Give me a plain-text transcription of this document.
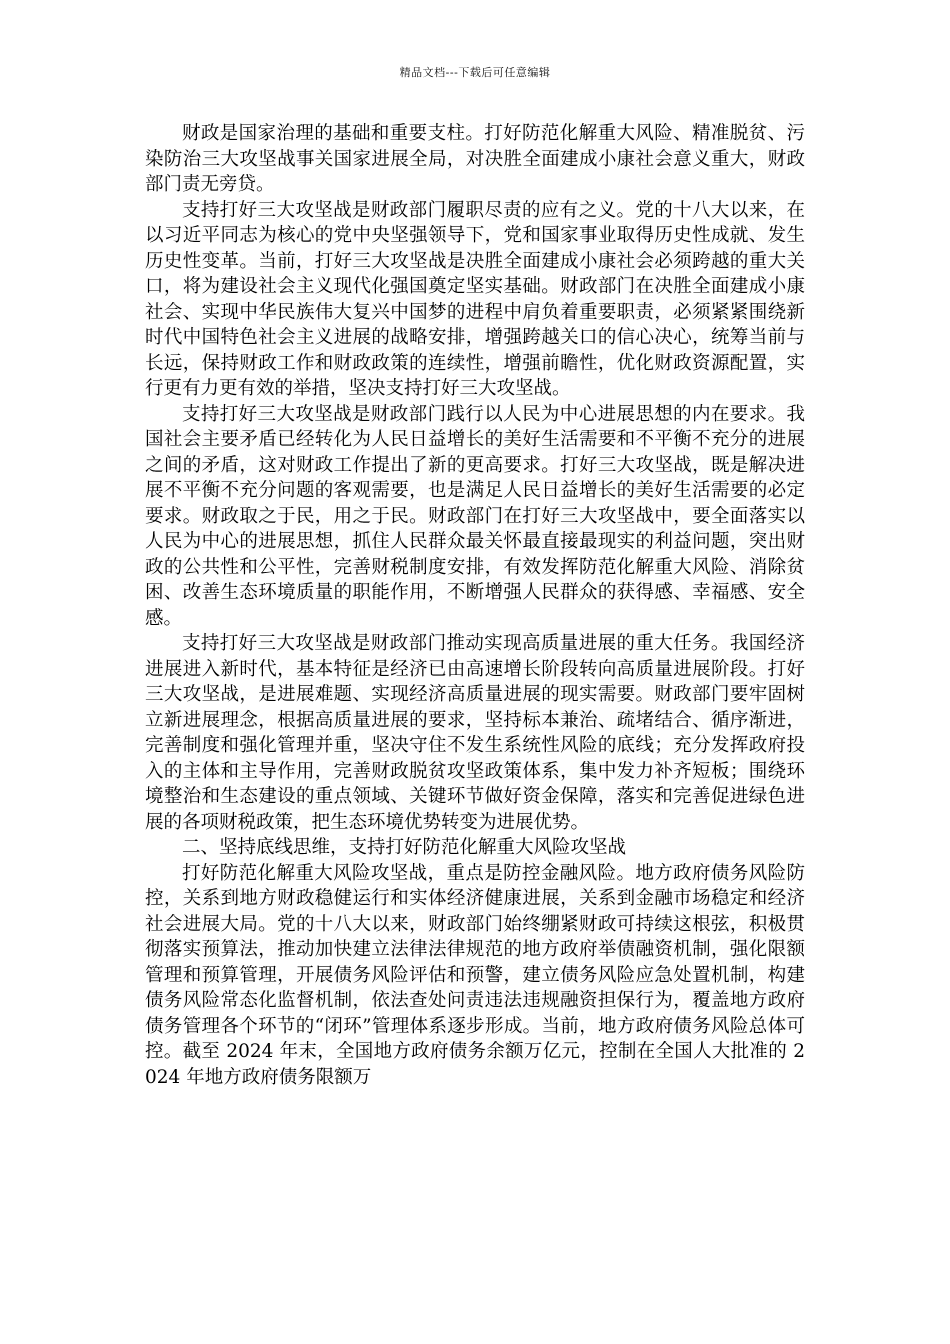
精品文档---下载后可任意编辑

财政是国家治理的基础和重要支柱。打好防范化解重大风险、精准脱贫、污染防治三大攻坚战事关国家进展全局，对决胜全面建成小康社会意义重大，财政部门责无旁贷。

支持打好三大攻坚战是财政部门履职尽责的应有之义。党的十八大以来，在以习近平同志为核心的党中央坚强领导下，党和国家事业取得历史性成就、发生历史性变革。当前，打好三大攻坚战是决胜全面建成小康社会必须跨越的重大关口，将为建设社会主义现代化强国奠定坚实基础。财政部门在决胜全面建成小康社会、实现中华民族伟大复兴中国梦的进程中肩负着重要职责，必须紧紧围绕新时代中国特色社会主义进展的战略安排，增强跨越关口的信心决心，统筹当前与长远，保持财政工作和财政政策的连续性，增强前瞻性，优化财政资源配置，实行更有力更有效的举措，坚决支持打好三大攻坚战。

支持打好三大攻坚战是财政部门践行以人民为中心进展思想的内在要求。我国社会主要矛盾已经转化为人民日益增长的美好生活需要和不平衡不充分的进展之间的矛盾，这对财政工作提出了新的更高要求。打好三大攻坚战，既是解决进展不平衡不充分问题的客观需要，也是满足人民日益增长的美好生活需要的必定要求。财政取之于民，用之于民。财政部门在打好三大攻坚战中，要全面落实以人民为中心的进展思想，抓住人民群众最关怀最直接最现实的利益问题，突出财政的公共性和公平性，完善财税制度安排，有效发挥防范化解重大风险、消除贫困、改善生态环境质量的职能作用，不断增强人民群众的获得感、幸福感、安全感。

支持打好三大攻坚战是财政部门推动实现高质量进展的重大任务。我国经济进展进入新时代，基本特征是经济已由高速增长阶段转向高质量进展阶段。打好三大攻坚战，是进展难题、实现经济高质量进展的现实需要。财政部门要牢固树立新进展理念，根据高质量进展的要求，坚持标本兼治、疏堵结合、循序渐进，完善制度和强化管理并重，坚决守住不发生系统性风险的底线；充分发挥政府投入的主体和主导作用，完善财政脱贫攻坚政策体系，集中发力补齐短板；围绕环境整治和生态建设的重点领域、关键环节做好资金保障，落实和完善促进绿色进展的各项财税政策，把生态环境优势转变为进展优势。

二、坚持底线思维，支持打好防范化解重大风险攻坚战

打好防范化解重大风险攻坚战，重点是防控金融风险。地方政府债务风险防控，关系到地方财政稳健运行和实体经济健康进展，关系到金融市场稳定和经济社会进展大局。党的十八大以来，财政部门始终绷紧财政可持续这根弦，积极贯彻落实预算法，推动加快建立法律法律规范的地方政府举债融资机制，强化限额管理和预算管理，开展债务风险评估和预警，建立债务风险应急处置机制，构建债务风险常态化监督机制，依法查处问责违法违规融资担保行为，覆盖地方政府债务管理各个环节的“闭环”管理体系逐步形成。当前，地方政府债务风险总体可控。截至 2024 年末，全国地方政府债务余额万亿元，控制在全国人大批准的 2024 年地方政府债务限额万
